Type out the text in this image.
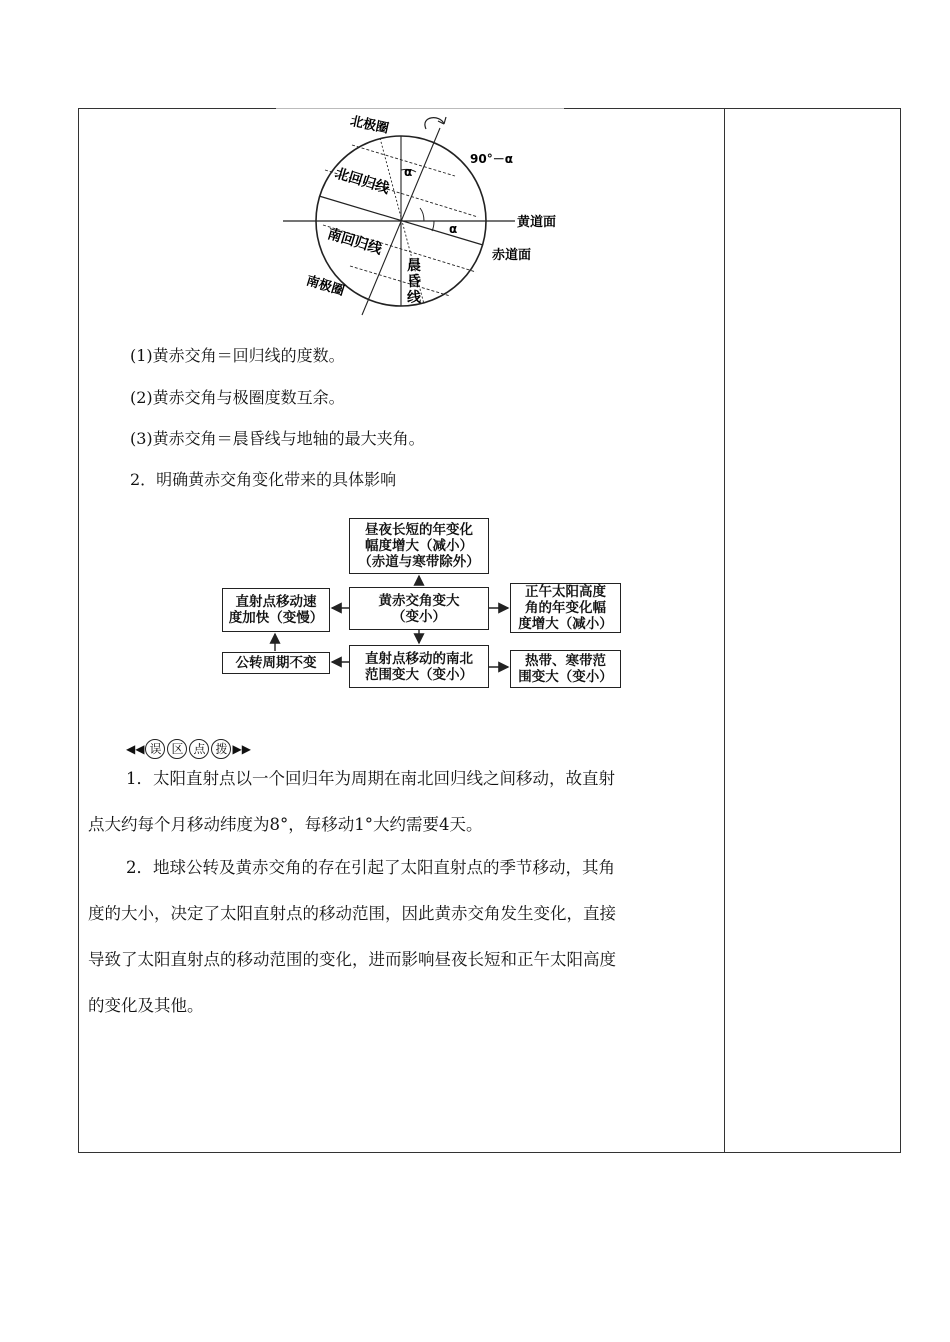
北极圈
90°－α
α
α
北回归线
黄道面
赤道面
南回归线
晨
昏
线
南极圈
(1)黄赤交角＝回归线的度数。
(2)黄赤交角与极圈度数互余。
(3)黄赤交角＝晨昏线与地轴的最大夹角。
2．明确黄赤交角变化带来的具体影响
昼夜长短的年变化
幅度增大（减小）
（赤道与寒带除外）
黄赤交角变大
（变小）
直射点移动速
度加快（变慢）
公转周期不变	直射点移动的南北
范围变大（变小）
正午太阳高度
角的年变化幅
度增大（减小）
热带、寒带范
围变大（变小）
◀◀ 误 区 点 拨 ▶▶
1．太阳直射点以一个回归年为周期在南北回归线之间移动，故直射
点大约每个月移动纬度为8°，每移动1°大约需要4天。
2．地球公转及黄赤交角的存在引起了太阳直射点的季节移动，其角
度的大小，决定了太阳直射点的移动范围，因此黄赤交角发生变化，直接
导致了太阳直射点的移动范围的变化，进而影响昼夜长短和正午太阳高度
的变化及其他。
